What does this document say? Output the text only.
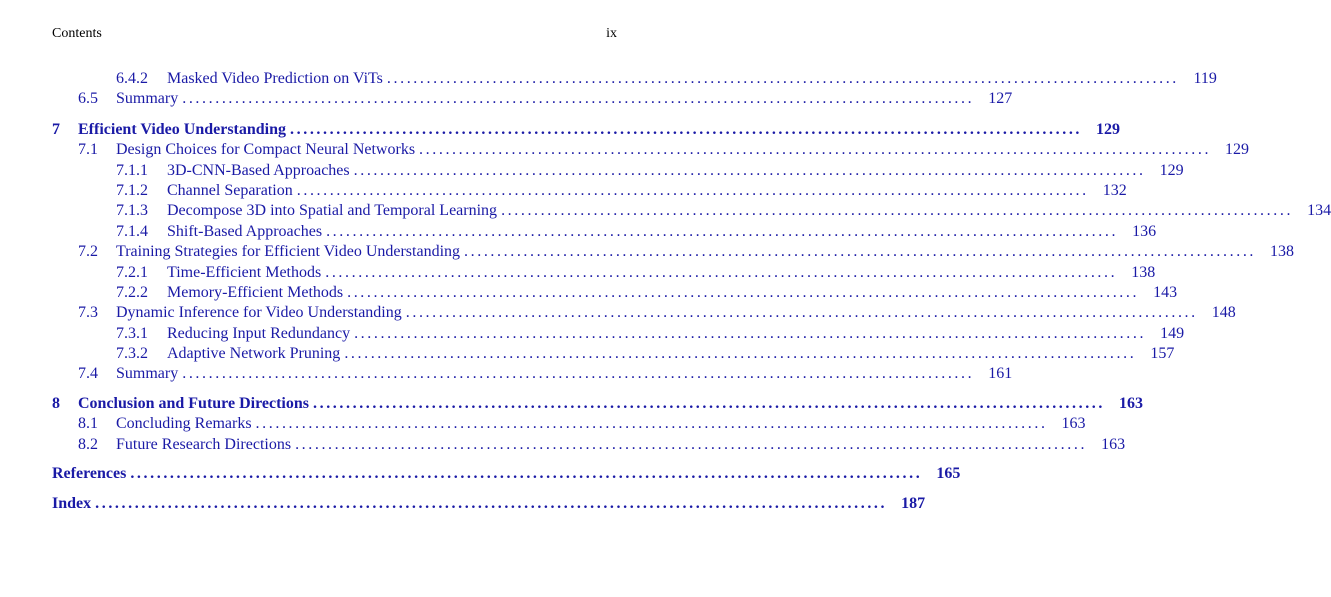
Contents	ix
6.4.2 Masked Video Prediction on ViTs ........................................................................................................................ 119
6.5 Summary ........................................................................................................................ 127
7 Efficient Video Understanding ........................................................................................................................ 129
7.1 Design Choices for Compact Neural Networks ........................................................................................................................ 129
7.1.1 3D-CNN-Based Approaches ........................................................................................................................ 129
7.1.2 Channel Separation ........................................................................................................................ 132
7.1.3 Decompose 3D into Spatial and Temporal Learning ........................................................................................................................ 134
7.1.4 Shift-Based Approaches ........................................................................................................................ 136
7.2 Training Strategies for Efficient Video Understanding ........................................................................................................................ 138
7.2.1 Time-Efficient Methods ........................................................................................................................ 138
7.2.2 Memory-Efficient Methods ........................................................................................................................ 143
7.3 Dynamic Inference for Video Understanding ........................................................................................................................ 148
7.3.1 Reducing Input Redundancy ........................................................................................................................ 149
7.3.2 Adaptive Network Pruning ........................................................................................................................ 157
7.4 Summary ........................................................................................................................ 161
8 Conclusion and Future Directions ........................................................................................................................ 163
8.1 Concluding Remarks ........................................................................................................................ 163
8.2 Future Research Directions ........................................................................................................................ 163
References ........................................................................................................................ 165
Index ........................................................................................................................ 187
